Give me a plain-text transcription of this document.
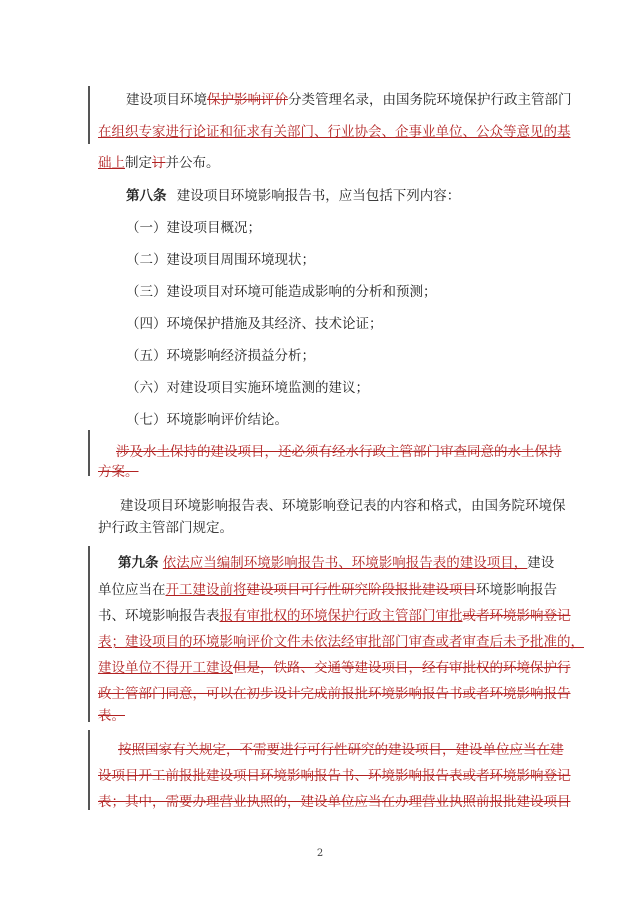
建设项目环境保护影响评价分类管理名录，由国务院环境保护行政主管部门
在组织专家进行论证和征求有关部门、行业协会、企事业单位、公众等意见的基
础上制定订并公布。
第八条 建设项目环境影响报告书，应当包括下列内容：
（一）建设项目概况；
（二）建设项目周围环境现状；
（三）建设项目对环境可能造成影响的分析和预测；
（四）环境保护措施及其经济、技术论证；
（五）环境影响经济损益分析；
（六）对建设项目实施环境监测的建议；
（七）环境影响评价结论。
涉及水土保持的建设项目，还必须有经水行政主管部门审查同意的水土保持
方案。
建设项目环境影响报告表、环境影响登记表的内容和格式，由国务院环境保
护行政主管部门规定。
第九条 依法应当编制环境影响报告书、环境影响报告表的建设项目，建设
单位应当在开工建设前将建设项目可行性研究阶段报批建设项目环境影响报告
书、环境影响报告表报有审批权的环境保护行政主管部门审批或者环境影响登记
表；建设项目的环境影响评价文件未依法经审批部门审查或者审查后未予批准的，
建设单位不得开工建设但是，铁路、交通等建设项目，经有审批权的环境保护行
政主管部门同意，可以在初步设计完成前报批环境影响报告书或者环境影响报告
表。
按照国家有关规定，不需要进行可行性研究的建设项目，建设单位应当在建
设项目开工前报批建设项目环境影响报告书、环境影响报告表或者环境影响登记
表；其中，需要办理营业执照的，建设单位应当在办理营业执照前报批建设项目
2
